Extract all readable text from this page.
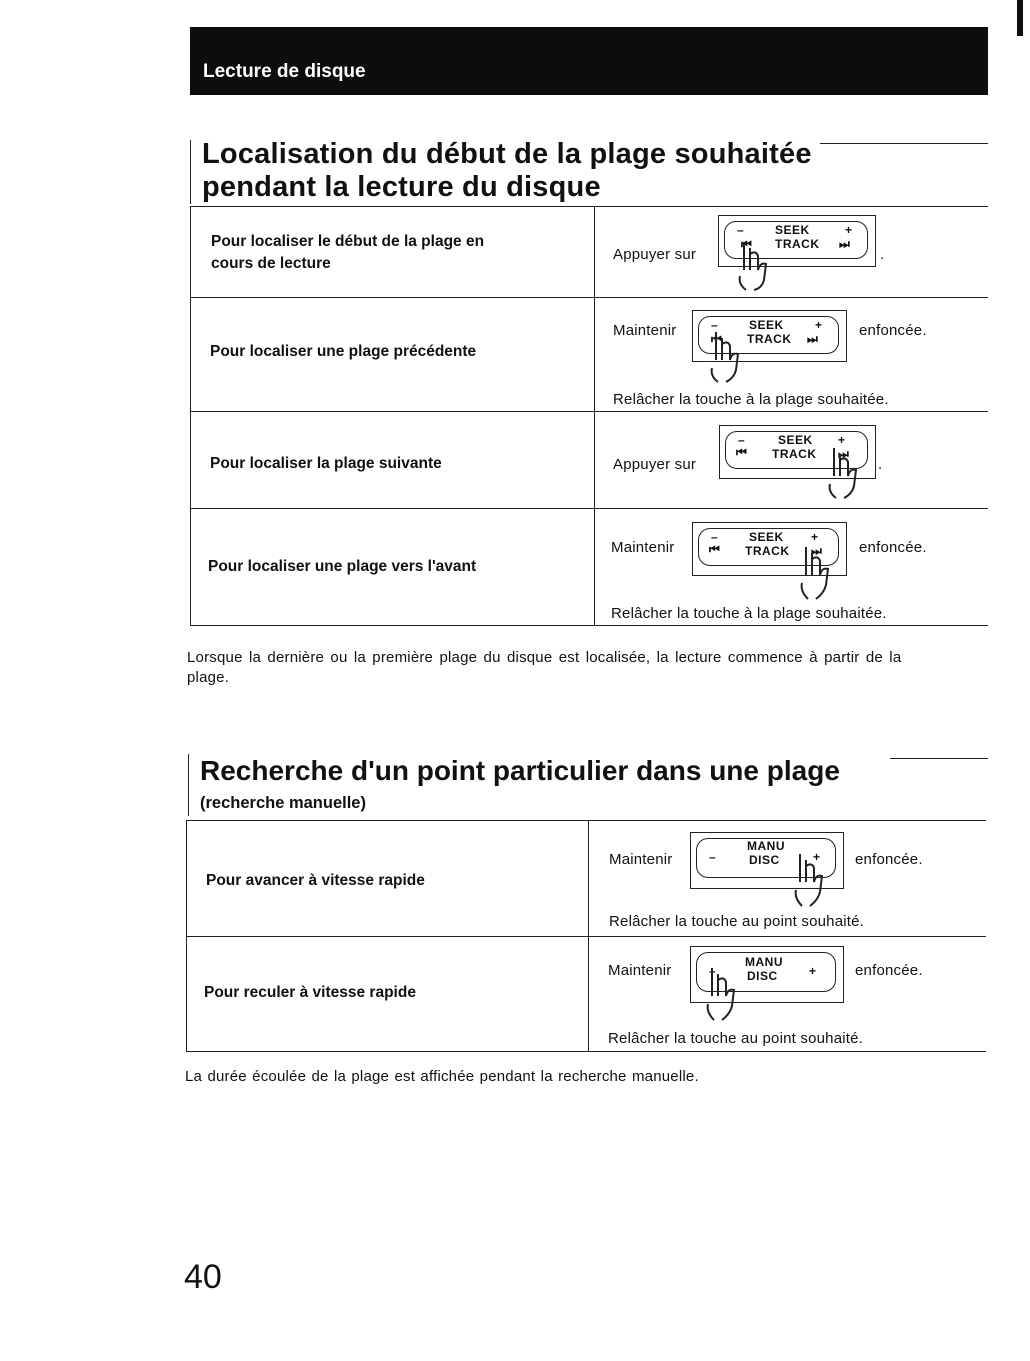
Lecture de disque
Localisation du début de la plage souhaitée
pendant la lecture du disque
Pour localiser le début de la plage en
cours de lecture
Appuyer sur
–	SEEK	+
⏮ TRACK ⏭
.
Pour localiser une plage précédente
Maintenir	–	SEEK	+
⏮ TRACK ⏭	enfoncée.
Relâcher la touche à la plage souhaitée.
Pour localiser la plage suivante	Appuyer sur
–	SEEK +
⏮ TRACK ⏭
.
Pour localiser une plage vers l'avant
Maintenir
–	SEEK +
⏮ TRACK ⏭ enfoncée.
Relâcher la touche à la plage souhaitée.
Lorsque la dernière ou la première plage du disque est localisée, la lecture commence à partir de la
plage.
Recherche d'un point particulier dans une plage
(recherche manuelle)
Pour avancer à vitesse rapide
Maintenir	–
MANU
DISC	+ enfoncée.
Relâcher la touche au point souhaité.
Pour reculer à vitesse rapide
Maintenir	–
MANU
DISC	+	enfoncée.
Relâcher la touche au point souhaité.
La durée écoulée de la plage est affichée pendant la recherche manuelle.
40
